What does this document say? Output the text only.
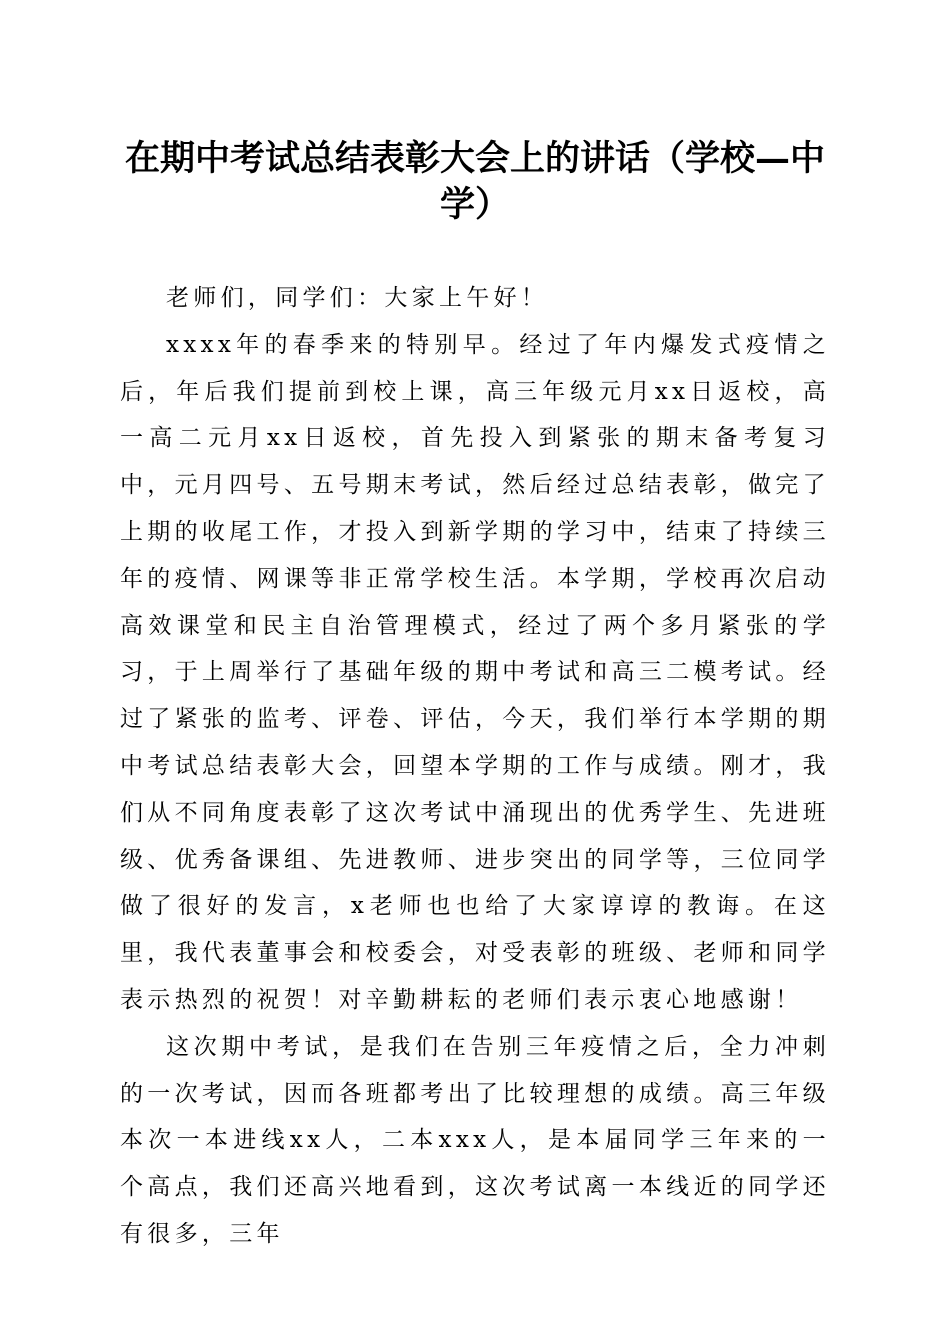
在期中考试总结表彰大会上的讲话（学校—中学）

老师们，同学们：大家上午好！

xxxx年的春季来的特别早。经过了年内爆发式疫情之后，年后我们提前到校上课，高三年级元月xx日返校，高一高二元月xx日返校，首先投入到紧张的期末备考复习中，元月四号、五号期末考试，然后经过总结表彰，做完了上期的收尾工作，才投入到新学期的学习中，结束了持续三年的疫情、网课等非正常学校生活。本学期，学校再次启动高效课堂和民主自治管理模式，经过了两个多月紧张的学习，于上周举行了基础年级的期中考试和高三二模考试。经过了紧张的监考、评卷、评估，今天，我们举行本学期的期中考试总结表彰大会，回望本学期的工作与成绩。刚才，我们从不同角度表彰了这次考试中涌现出的优秀学生、先进班级、优秀备课组、先进教师、进步突出的同学等，三位同学做了很好的发言，x老师也也给了大家谆谆的教诲。在这里，我代表董事会和校委会，对受表彰的班级、老师和同学表示热烈的祝贺！对辛勤耕耘的老师们表示衷心地感谢！

这次期中考试，是我们在告别三年疫情之后，全力冲刺的一次考试，因而各班都考出了比较理想的成绩。高三年级本次一本进线xx人，二本xxx人，是本届同学三年来的一个高点，我们还高兴地看到，这次考试离一本线近的同学还有很多，三年
